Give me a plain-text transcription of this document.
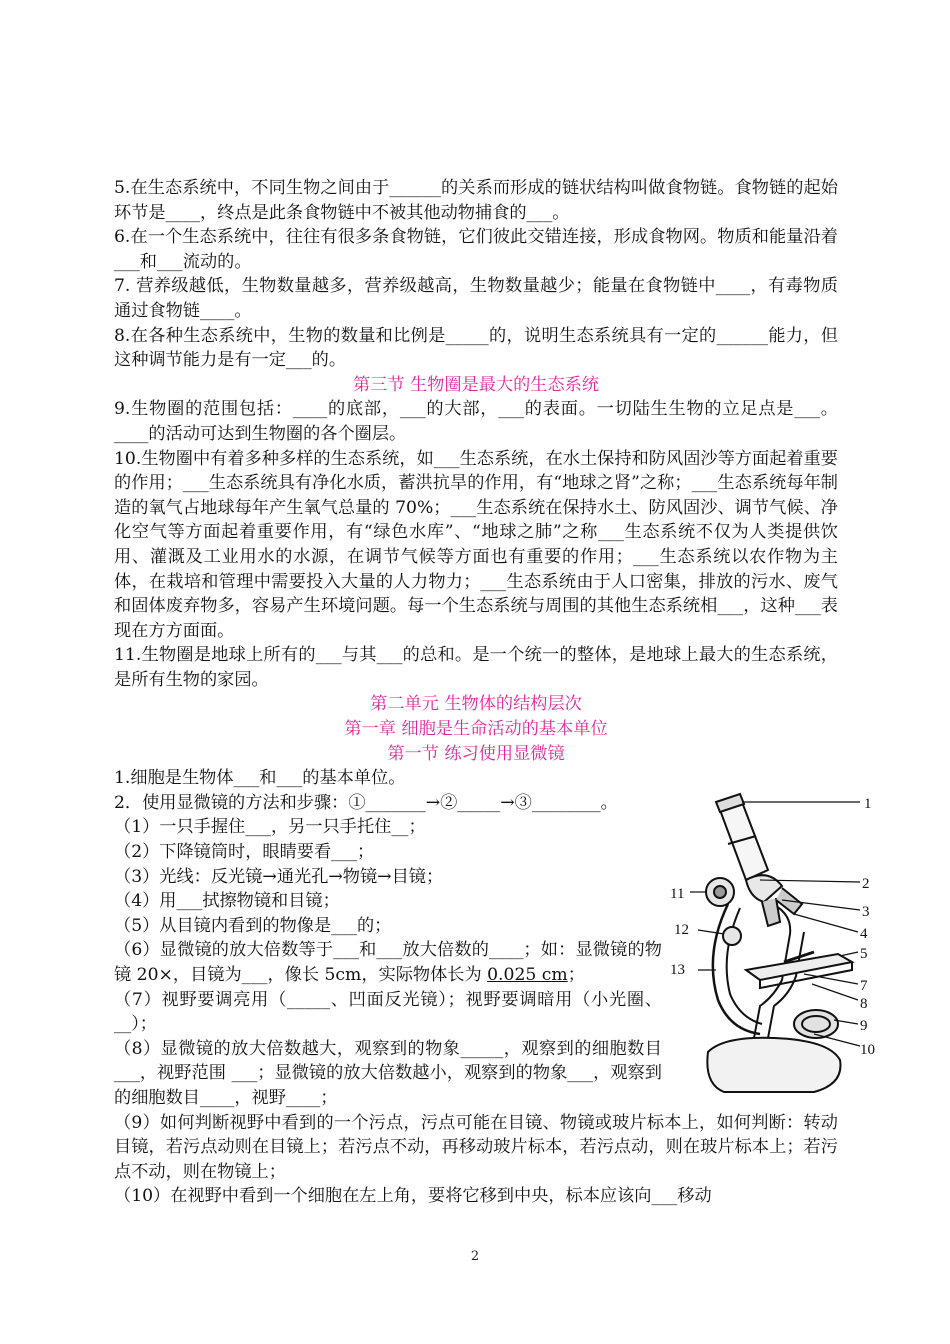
5.在生态系统中，不同生物之间由于______的关系而形成的链状结构叫做食物链。食物链的起始环节是____，终点是此条食物链中不被其他动物捕食的___。

6.在一个生态系统中，往往有很多条食物链，它们彼此交错连接，形成食物网。物质和能量沿着___和___流动的。

7. 营养级越低，生物数量越多，营养级越高，生物数量越少；能量在食物链中____，有毒物质通过食物链____。

8.在各种生态系统中，生物的数量和比例是_____的，说明生态系统具有一定的______能力，但这种调节能力是有一定___的。

第三节 生物圈是最大的生态系统

9.生物圈的范围包括：____的底部，___的大部，___的表面。一切陆生生物的立足点是___。____的活动可达到生物圈的各个圈层。

10.生物圈中有着多种多样的生态系统，如___生态系统，在水土保持和防风固沙等方面起着重要的作用；___生态系统具有净化水质，蓄洪抗旱的作用，有“地球之肾”之称；___生态系统每年制造的氧气占地球每年产生氧气总量的 70%；___生态系统在保持水土、防风固沙、调节气候、净化空气等方面起着重要作用，有“绿色水库”、“地球之肺”之称___生态系统不仅为人类提供饮用、灌溉及工业用水的水源，在调节气候等方面也有重要的作用；___生态系统以农作物为主体，在栽培和管理中需要投入大量的人力物力；___生态系统由于人口密集，排放的污水、废气和固体废弃物多，容易产生环境问题。每一个生态系统与周围的其他生态系统相___，这种___表现在方方面面。

11.生物圈是地球上所有的___与其___的总和。是一个统一的整体，是地球上最大的生态系统，是所有生物的家园。

第二单元 生物体的结构层次

第一章 细胞是生命活动的基本单位

第一节 练习使用显微镜

1.细胞是生物体___和___的基本单位。

2．使用显微镜的方法和步骤：①_______→②_____→③________。

（1）一只手握住___，另一只手托住__；

（2）下降镜筒时，眼睛要看___；

（3）光线：反光镜→通光孔→物镜→目镜；

（4）用___拭擦物镜和目镜；

（5）从目镜内看到的物像是___的；

（6）显微镜的放大倍数等于___和___放大倍数的____；如：显微镜的物镜 20×，目镜为___，像长 5cm，实际物体长为 0.025 cm；

（7）视野要调亮用（_____、凹面反光镜）；视野要调暗用（小光圈、__）；

（8）显微镜的放大倍数越大，观察到的物象_____，观察到的细胞数目___，视野范围 ___；显微镜的放大倍数越小，观察到的物象___，观察到的细胞数目____，视野____；

（9）如何判断视野中看到的一个污点，污点可能在目镜、物镜或玻片标本上，如何判断：转动目镜，若污点动则在目镜上；若污点不动，再移动玻片标本，若污点动，则在玻片标本上；若污点不动，则在物镜上；

（10）在视野中看到一个细胞在左上角，要将它移到中央，标本应该向___移动

1
2
3
4
5
7
8
9
10
11
12
13
2
